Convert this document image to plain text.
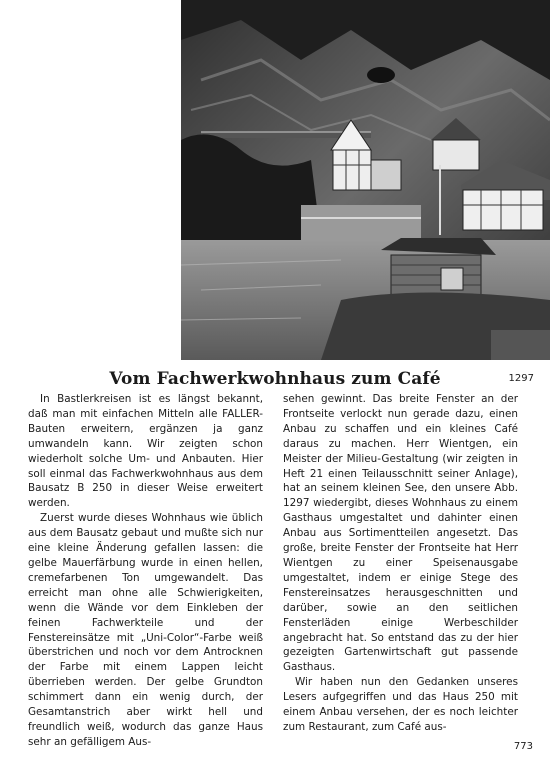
Vom Fachwerkwohnhaus zum Café	1297

In Bastlerkreisen ist es längst bekannt, daß man mit einfachen Mitteln alle FALLER-Bauten erweitern, ergänzen ja ganz umwandeln kann. Wir zeigten schon wiederholt solche Um- und Anbauten. Hier soll einmal das Fachwerkwohnhaus aus dem Bausatz B 250 in dieser Weise erweitert werden.

Zuerst wurde dieses Wohnhaus wie üblich aus dem Bausatz gebaut und mußte sich nur eine kleine Änderung gefallen lassen: die gelbe Mauerfärbung wurde in einen hellen, cremefarbenen Ton umgewandelt. Das erreicht man ohne alle Schwierigkeiten, wenn die Wände vor dem Einkleben der feinen Fachwerkteile und der Fenstereinsätze mit „Uni-Color“-Farbe weiß überstrichen und noch vor dem Antrocknen der Farbe mit einem Lappen leicht überrieben werden. Der gelbe Grundton schimmert dann ein wenig durch, der Gesamtanstrich aber wirkt hell und freundlich weiß, wodurch das ganze Haus sehr an gefälligem Aus-

sehen gewinnt. Das breite Fenster an der Frontseite verlockt nun gerade dazu, einen Anbau zu schaffen und ein kleines Café daraus zu machen. Herr Wientgen, ein Meister der Milieu-Gestaltung (wir zeigten in Heft 21 einen Teilausschnitt seiner Anlage), hat an seinem kleinen See, den unsere Abb. 1297 wiedergibt, dieses Wohnhaus zu einem Gasthaus umgestaltet und dahinter einen Anbau aus Sortimentteilen angesetzt. Das große, breite Fenster der Frontseite hat Herr Wientgen zu einer Speisenausgabe umgestaltet, indem er einige Stege des Fenstereinsatzes herausgeschnitten und darüber, sowie an den seitlichen Fensterläden einige Werbeschilder angebracht hat. So entstand das zu der hier gezeigten Gartenwirtschaft gut passende Gasthaus.

Wir haben nun den Gedanken unseres Lesers aufgegriffen und das Haus 250 mit einem Anbau versehen, der es noch leichter zum Restaurant, zum Café aus-

773
